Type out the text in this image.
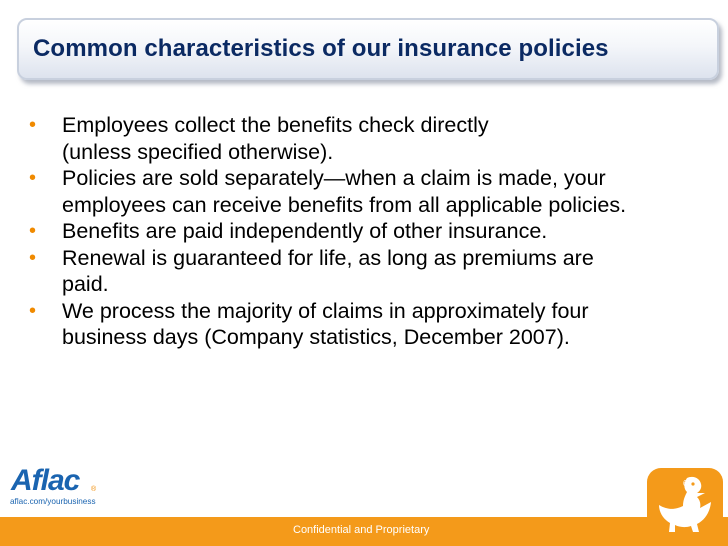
Common characteristics of our insurance policies
• Employees collect the benefits check directly
(unless specified otherwise).
• Policies are sold separately—when a claim is made, your
employees can receive benefits from all applicable policies.
• Benefits are paid independently of other insurance.
• Renewal is guaranteed for life, as long as premiums are
paid.
• We process the majority of claims in approximately four
business days (Company statistics, December 2007).
Aflac ®
aflac.com/yourbusiness
Confidential and Proprietary
6
